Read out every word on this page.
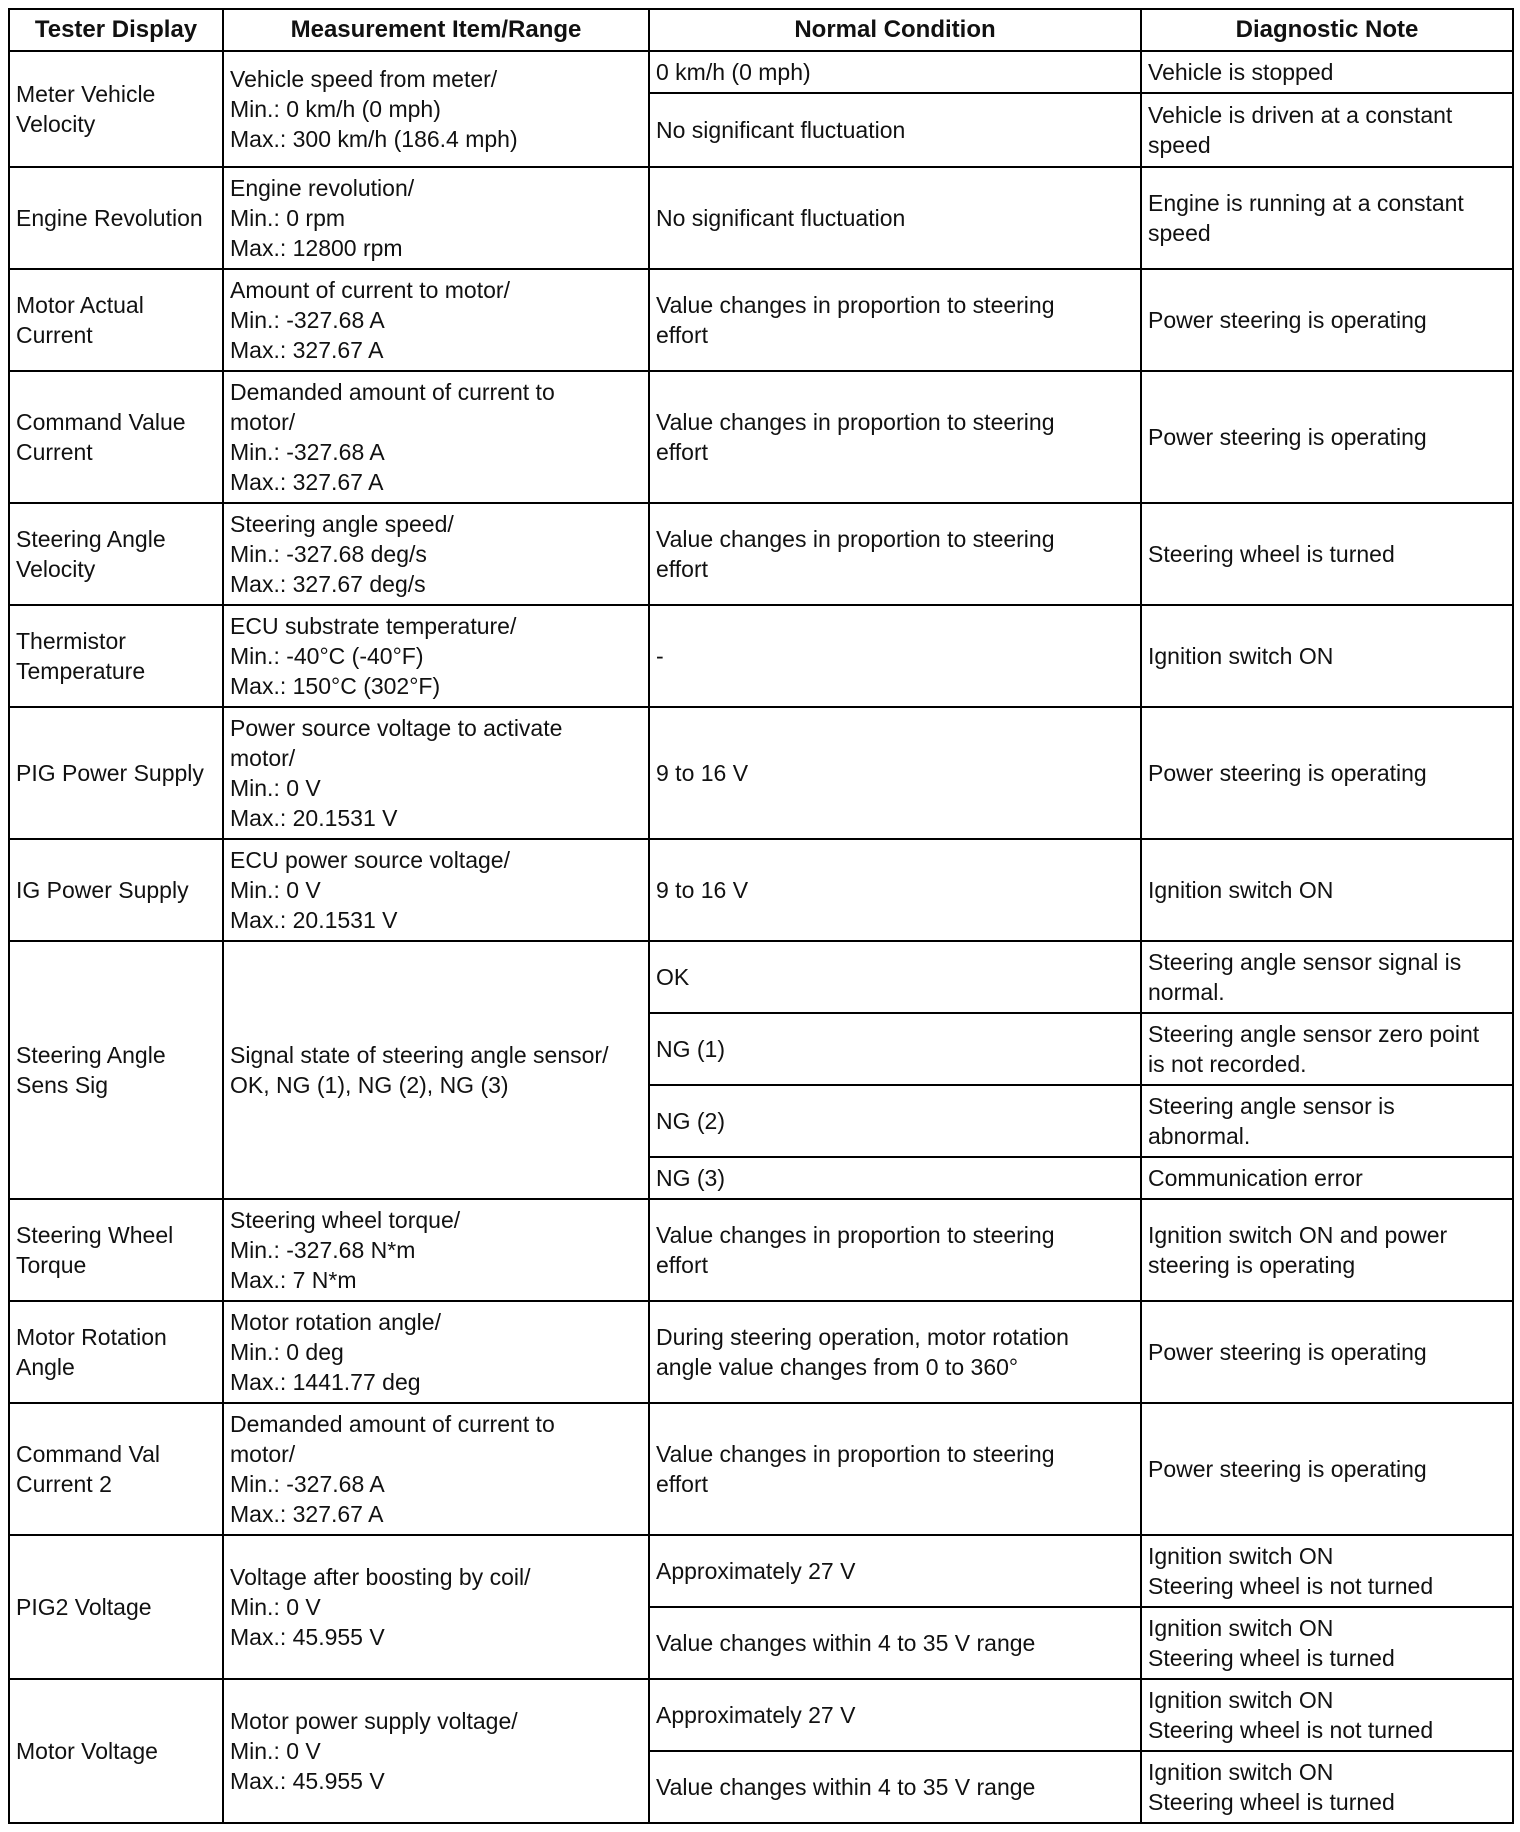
Tester Display	Measurement Item/Range	Normal Condition	Diagnostic Note
Meter Vehicle
Velocity	Vehicle speed from meter/
Min.: 0 km/h (0 mph)
Max.: 300 km/h (186.4 mph)	0 km/h (0 mph)	Vehicle is stopped
		No significant fluctuation	Vehicle is driven at a constant
speed
Engine Revolution	Engine revolution/
Min.: 0 rpm
Max.: 12800 rpm	No significant fluctuation	Engine is running at a constant
speed
Motor Actual
Current	Amount of current to motor/
Min.: -327.68 A
Max.: 327.67 A	Value changes in proportion to steering
effort	Power steering is operating
Command Value
Current	Demanded amount of current to
motor/
Min.: -327.68 A
Max.: 327.67 A	Value changes in proportion to steering
effort	Power steering is operating
Steering Angle
Velocity	Steering angle speed/
Min.: -327.68 deg/s
Max.: 327.67 deg/s	Value changes in proportion to steering
effort	Steering wheel is turned
Thermistor
Temperature	ECU substrate temperature/
Min.: -40°C (-40°F)
Max.: 150°C (302°F)	-	Ignition switch ON
PIG Power Supply	Power source voltage to activate
motor/
Min.: 0 V
Max.: 20.1531 V	9 to 16 V	Power steering is operating
IG Power Supply	ECU power source voltage/
Min.: 0 V
Max.: 20.1531 V	9 to 16 V	Ignition switch ON
Steering Angle
Sens Sig	Signal state of steering angle sensor/
OK, NG (1), NG (2), NG (3)	OK	Steering angle sensor signal is
normal.
		NG (1)	Steering angle sensor zero point
is not recorded.
		NG (2)	Steering angle sensor is
abnormal.
		NG (3)	Communication error
Steering Wheel
Torque	Steering wheel torque/
Min.: -327.68 N*m
Max.: 7 N*m	Value changes in proportion to steering
effort	Ignition switch ON and power
steering is operating
Motor Rotation
Angle	Motor rotation angle/
Min.: 0 deg
Max.: 1441.77 deg	During steering operation, motor rotation
angle value changes from 0 to 360°	Power steering is operating
Command Val
Current 2	Demanded amount of current to
motor/
Min.: -327.68 A
Max.: 327.67 A	Value changes in proportion to steering
effort	Power steering is operating
PIG2 Voltage	Voltage after boosting by coil/
Min.: 0 V
Max.: 45.955 V	Approximately 27 V	Ignition switch ON
Steering wheel is not turned
		Value changes within 4 to 35 V range	Ignition switch ON
Steering wheel is turned
Motor Voltage	Motor power supply voltage/
Min.: 0 V
Max.: 45.955 V	Approximately 27 V	Ignition switch ON
Steering wheel is not turned
		Value changes within 4 to 35 V range	Ignition switch ON
Steering wheel is turned
